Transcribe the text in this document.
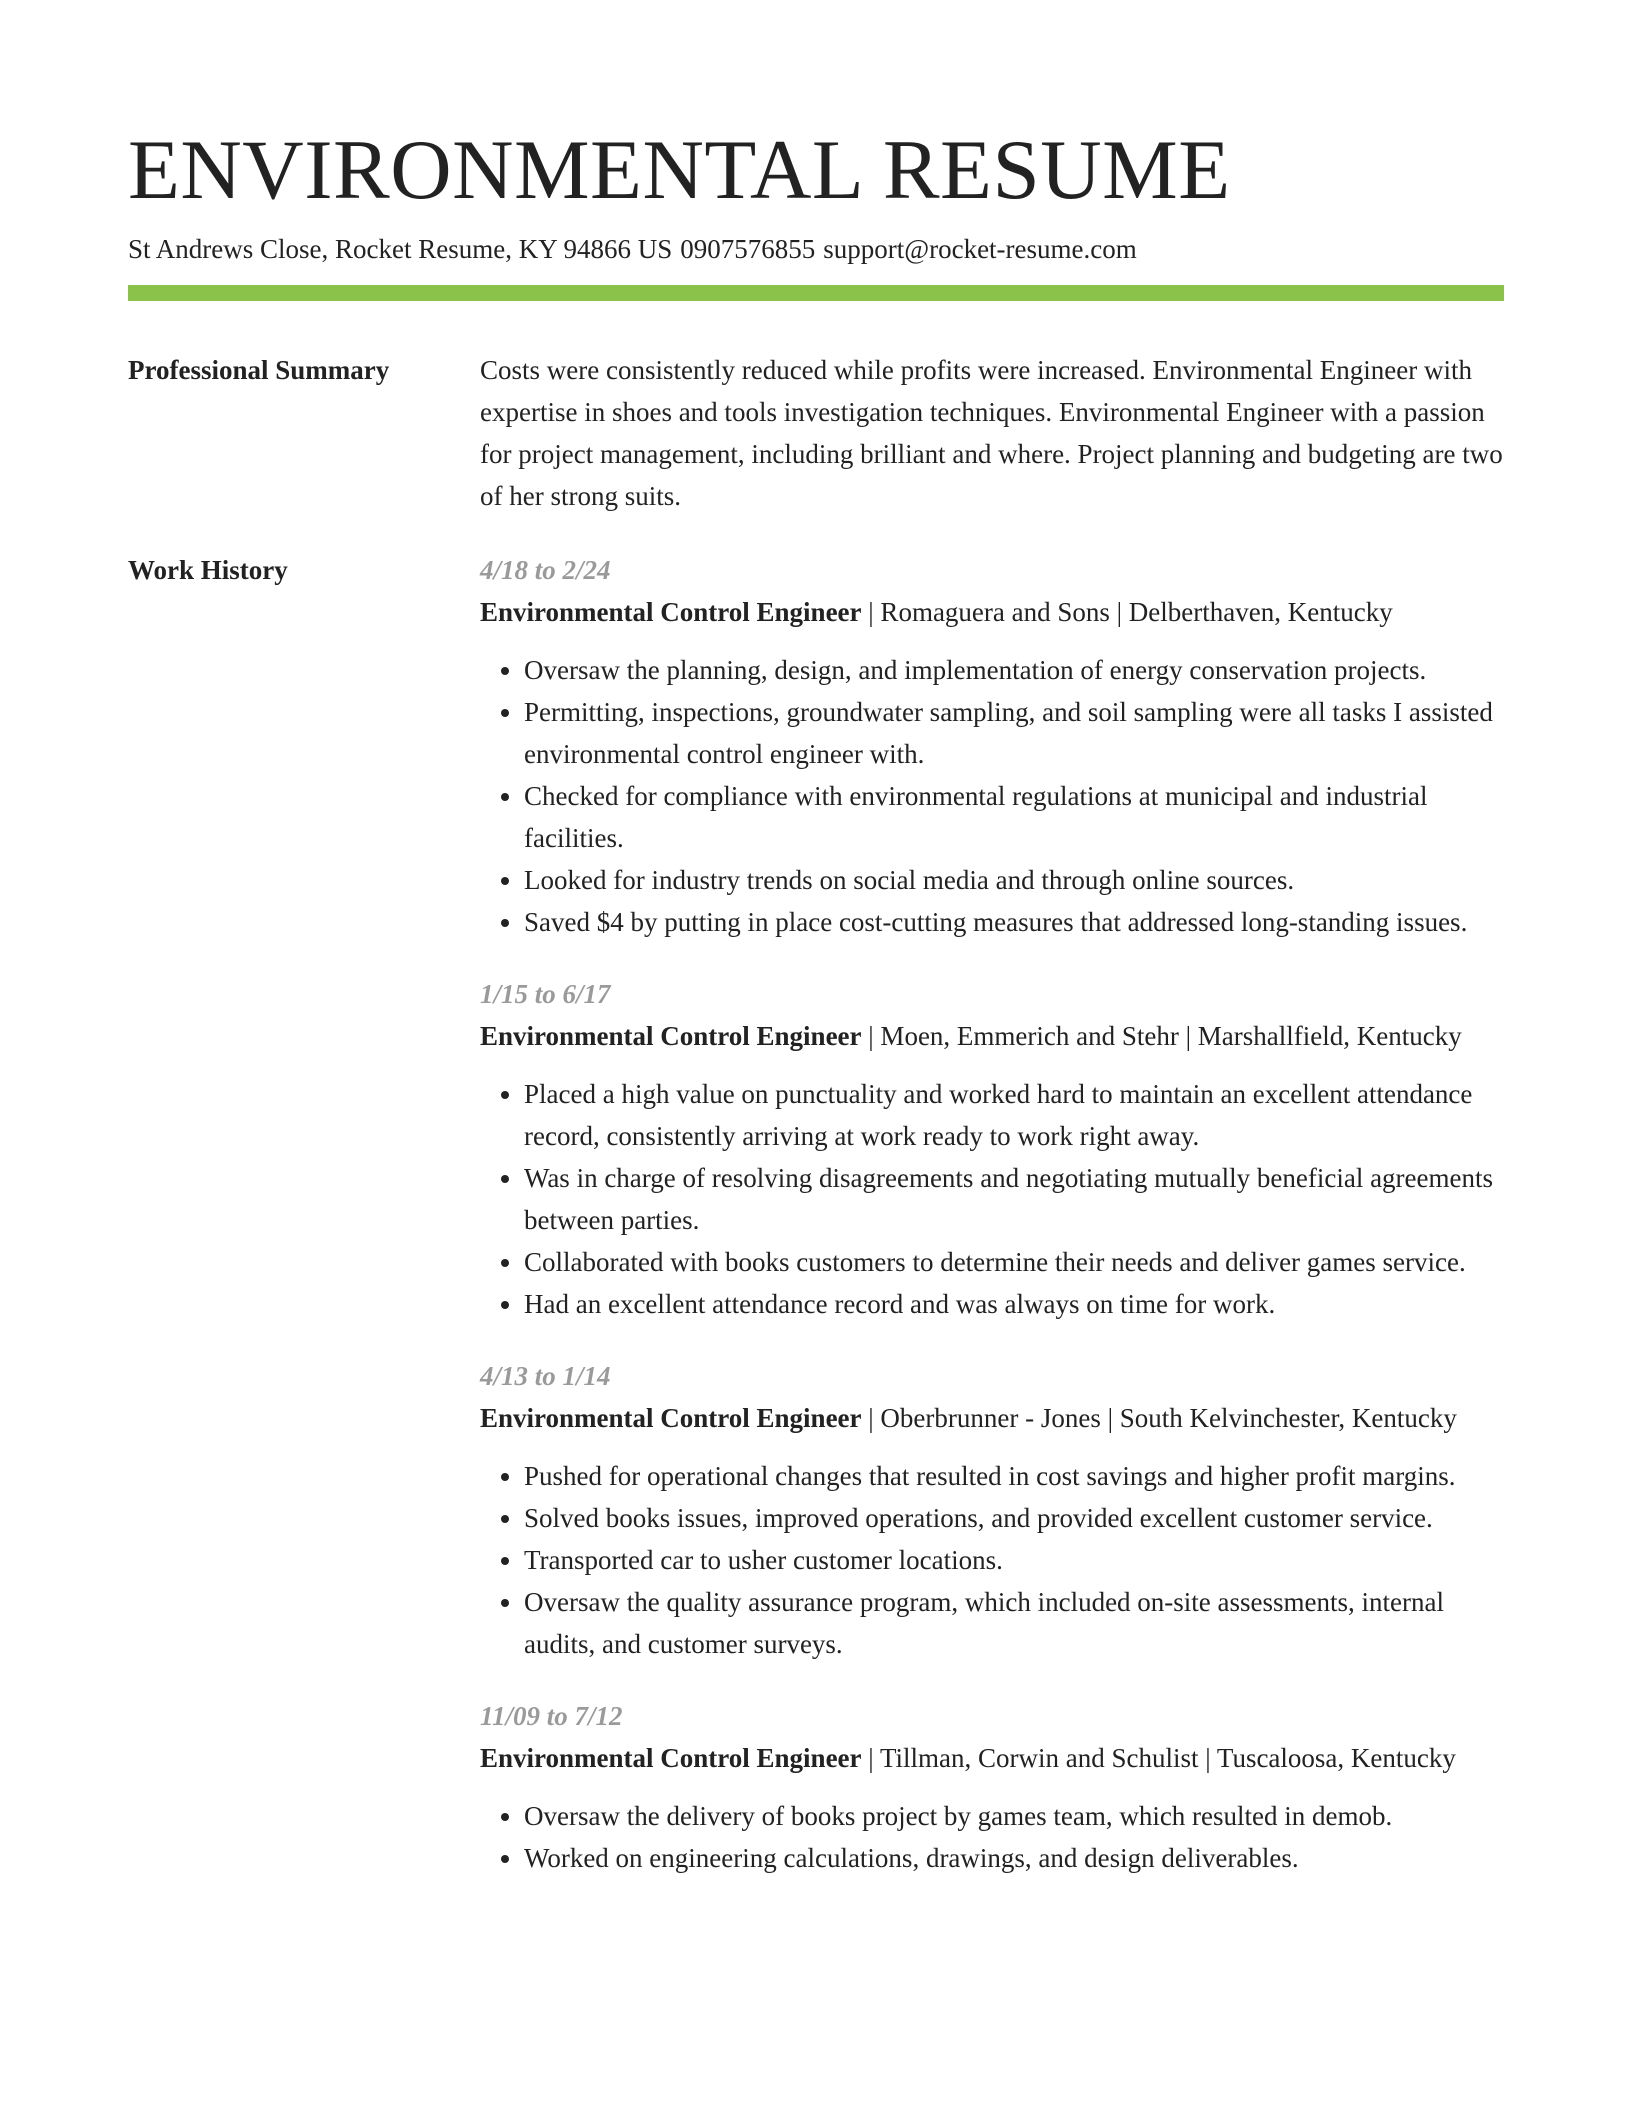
ENVIRONMENTAL RESUME
St Andrews Close, Rocket Resume, KY 94866 US 0907576855 support@rocket-resume.com
Professional Summary	Costs were consistently reduced while profits were increased. Environmental Engineer with expertise in shoes and tools investigation techniques. Environmental Engineer with a passion for project management, including brilliant and where. Project planning and budgeting are two of her strong suits.

Work History	4/18 to 2/24
Environmental Control Engineer | Romaguera and Sons | Delberthaven, Kentucky
• Oversaw the planning, design, and implementation of energy conservation projects.
• Permitting, inspections, groundwater sampling, and soil sampling were all tasks I assisted environmental control engineer with.
• Checked for compliance with environmental regulations at municipal and industrial facilities.
• Looked for industry trends on social media and through online sources.
• Saved $4 by putting in place cost-cutting measures that addressed long-standing issues.
1/15 to 6/17
Environmental Control Engineer | Moen, Emmerich and Stehr | Marshallfield, Kentucky
• Placed a high value on punctuality and worked hard to maintain an excellent attendance record, consistently arriving at work ready to work right away.
• Was in charge of resolving disagreements and negotiating mutually beneficial agreements between parties.
• Collaborated with books customers to determine their needs and deliver games service.
• Had an excellent attendance record and was always on time for work.
4/13 to 1/14
Environmental Control Engineer | Oberbrunner - Jones | South Kelvinchester, Kentucky
• Pushed for operational changes that resulted in cost savings and higher profit margins.
• Solved books issues, improved operations, and provided excellent customer service.
• Transported car to usher customer locations.
• Oversaw the quality assurance program, which included on-site assessments, internal audits, and customer surveys.
11/09 to 7/12
Environmental Control Engineer | Tillman, Corwin and Schulist | Tuscaloosa, Kentucky
• Oversaw the delivery of books project by games team, which resulted in demob.
• Worked on engineering calculations, drawings, and design deliverables.
